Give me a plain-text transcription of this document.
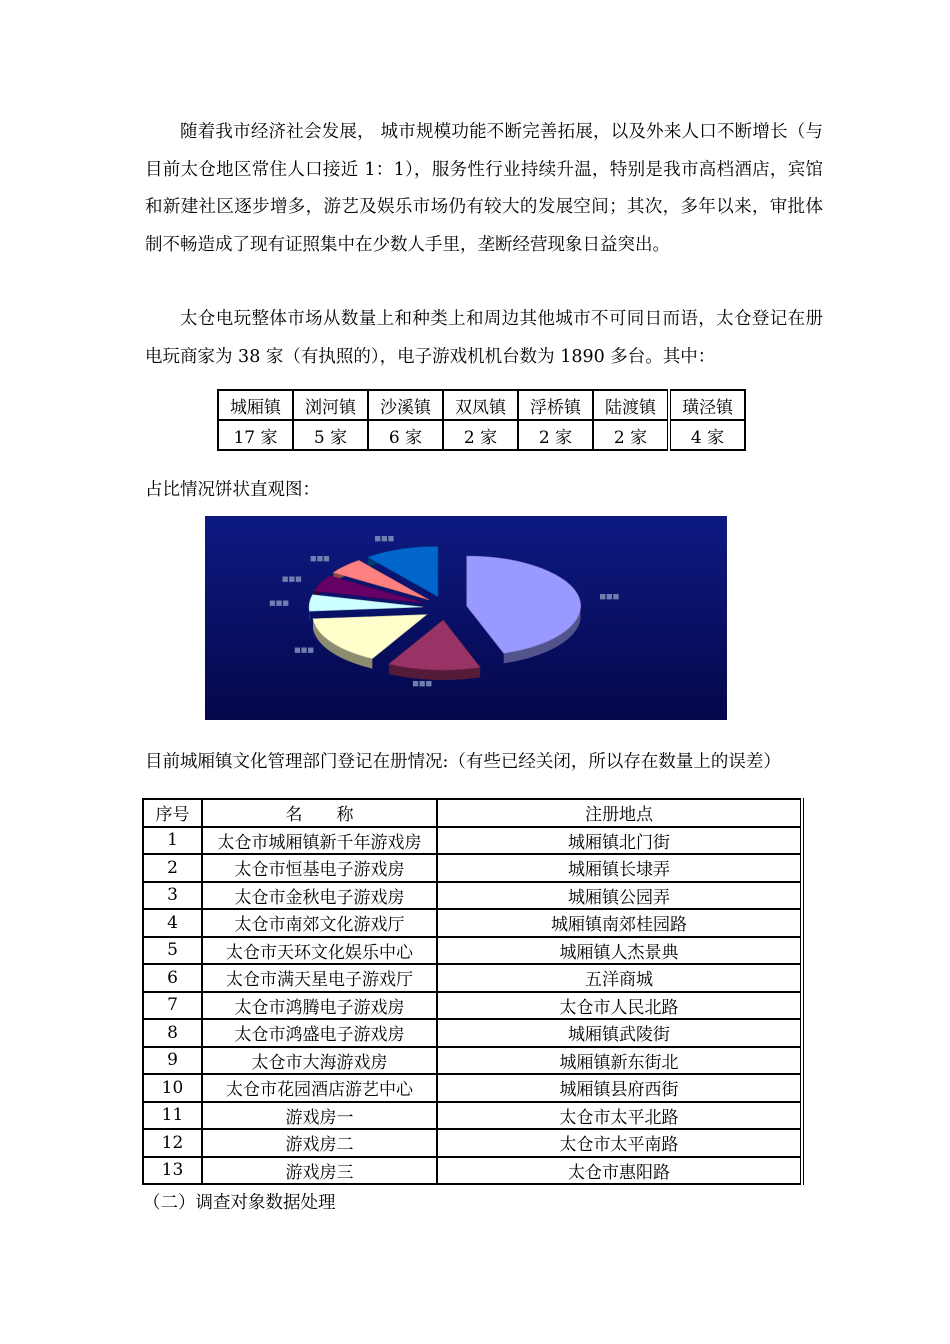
随着我市经济社会发展， 城市规模功能不断完善拓展，以及外来人口不断增长（与目前太仓地区常住人口接近 1：1），服务性行业持续升温，特别是我市高档酒店，宾馆和新建社区逐步增多，游艺及娱乐市场仍有较大的发展空间；其次，多年以来，审批体制不畅造成了现有证照集中在少数人手里，垄断经营现象日益突出。

太仓电玩整体市场从数量上和种类上和周边其他城市不可同日而语，太仓登记在册电玩商家为 38 家（有执照的），电子游戏机机台数为 1890 多台。其中：

城厢镇	浏河镇	沙溪镇	双凤镇	浮桥镇	陆渡镇	璜泾镇
17 家	5 家	6 家	2 家	2 家	2 家	4 家

占比情况饼状直观图：

■■■
■■■
■■■
■■■
■■■
■■■
■■■

目前城厢镇文化管理部门登记在册情况:（有些已经关闭，所以存在数量上的误差）

序号	名　　称	注册地点
1	太仓市城厢镇新千年游戏房	城厢镇北门街
2	太仓市恒基电子游戏房	城厢镇长埭弄
3	太仓市金秋电子游戏房	城厢镇公园弄
4	太仓市南郊文化游戏厅	城厢镇南郊桂园路
5	太仓市天环文化娱乐中心	城厢镇人杰景典
6	太仓市满天星电子游戏厅	五洋商城
7	太仓市鸿腾电子游戏房	太仓市人民北路
8	太仓市鸿盛电子游戏房	城厢镇武陵街
9	太仓市大海游戏房	城厢镇新东街北
10	太仓市花园酒店游艺中心	城厢镇县府西街
11	游戏房一	太仓市太平北路
12	游戏房二	太仓市太平南路
13	游戏房三	太仓市惠阳路

（二）调查对象数据处理
